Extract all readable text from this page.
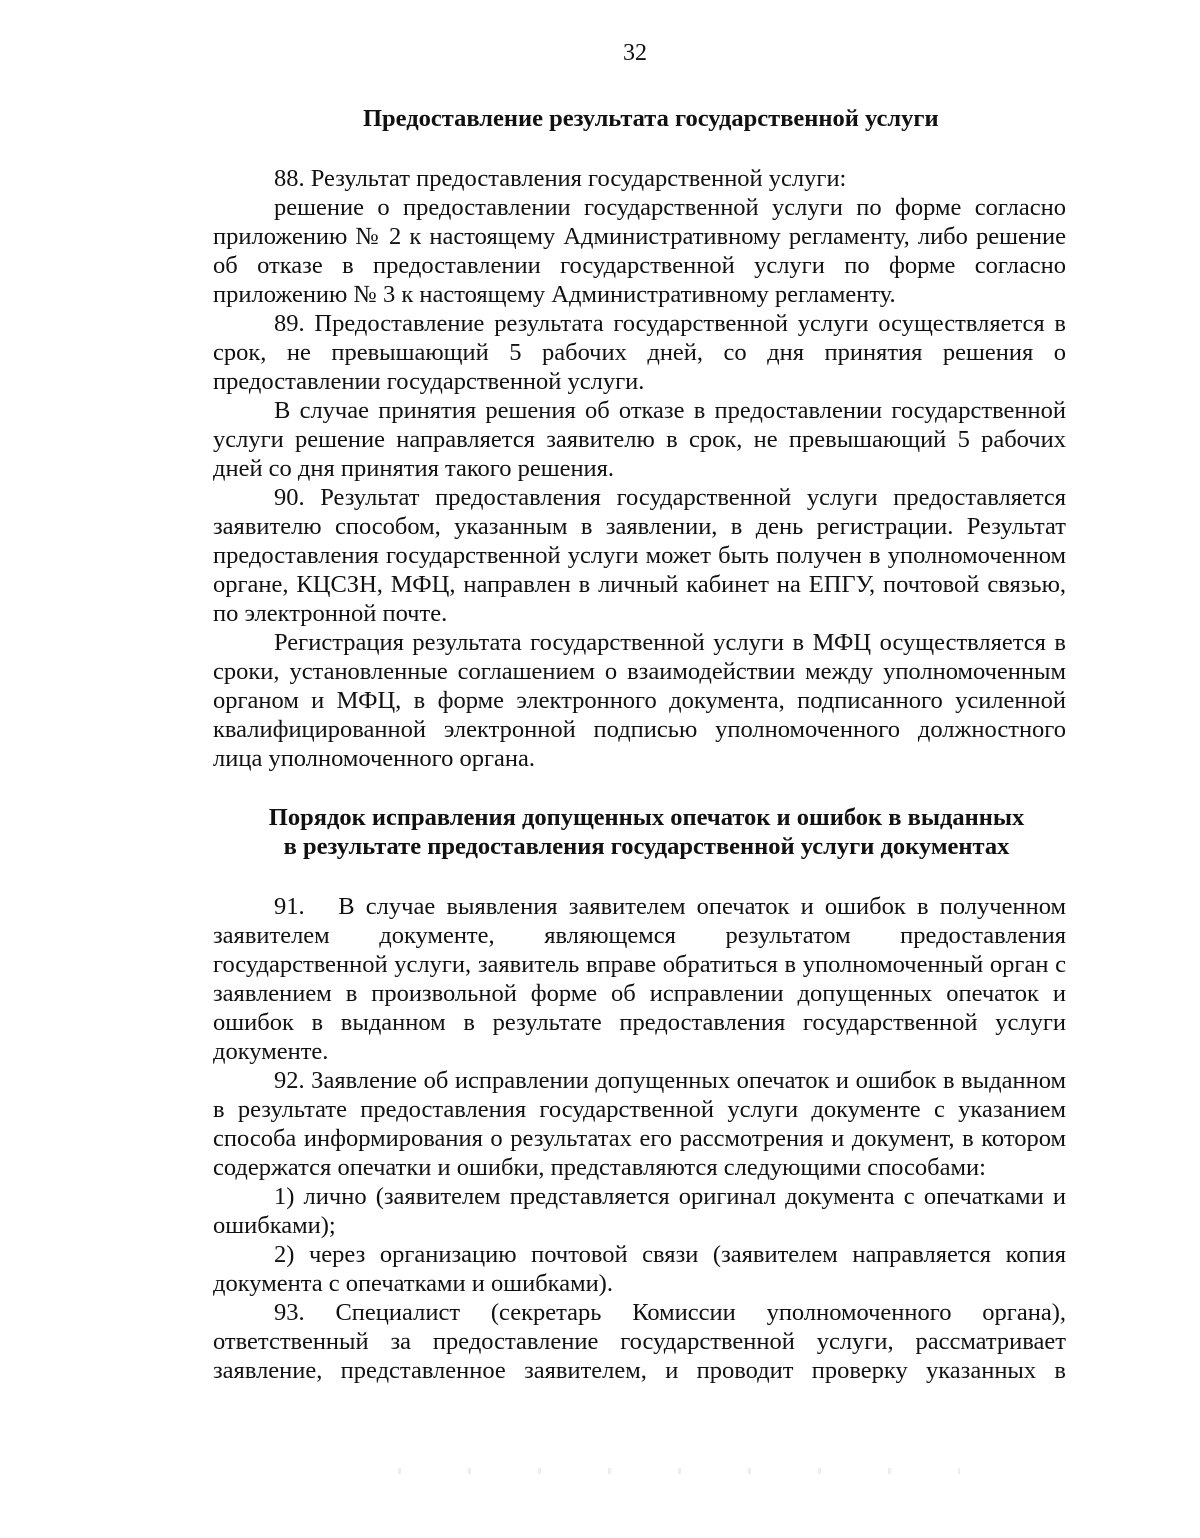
32

Предоставление результата государственной услуги

88. Результат предоставления государственной услуги:

решение о предоставлении государственной услуги по форме согласно приложению № 2 к настоящему Административному регламенту, либо решение об отказе в предоставлении государственной услуги по форме согласно приложению № 3 к настоящему Административному регламенту.

89. Предоставление результата государственной услуги осуществляется в срок, не превышающий 5 рабочих дней, со дня принятия решения о предоставлении государственной услуги.

В случае принятия решения об отказе в предоставлении государственной услуги решение направляется заявителю в срок, не превышающий 5 рабочих дней со дня принятия такого решения.

90. Результат предоставления государственной услуги предоставляется заявителю способом, указанным в заявлении, в день регистрации. Результат предоставления государственной услуги может быть получен в уполномоченном органе, КЦСЗН, МФЦ, направлен в личный кабинет на ЕПГУ, почтовой связью, по электронной почте.

Регистрация результата государственной услуги в МФЦ осуществляется в сроки, установленные соглашением о взаимодействии между уполномоченным органом и МФЦ, в форме электронного документа, подписанного усиленной квалифицированной электронной подписью уполномоченного должностного лица уполномоченного органа.

Порядок исправления допущенных опечаток и ошибок в выданных
в результате предоставления государственной услуги документах

91.   В случае выявления заявителем опечаток и ошибок в полученном заявителем документе, являющемся результатом предоставления государственной услуги, заявитель вправе обратиться в уполномоченный орган с заявлением в произвольной форме об исправлении допущенных опечаток и ошибок в выданном в результате предоставления государственной услуги документе.

92. Заявление об исправлении допущенных опечаток и ошибок в выданном в результате предоставления государственной услуги документе с указанием способа информирования о результатах его рассмотрения и документ, в котором содержатся опечатки и ошибки, представляются следующими способами:

1) лично (заявителем представляется оригинал документа с опечатками и ошибками);

2) через организацию почтовой связи (заявителем направляется копия документа с опечатками и ошибками).

93. Специалист (секретарь Комиссии уполномоченного органа), ответственный за предоставление государственной услуги, рассматривает заявление, представленное заявителем, и проводит проверку указанных в
